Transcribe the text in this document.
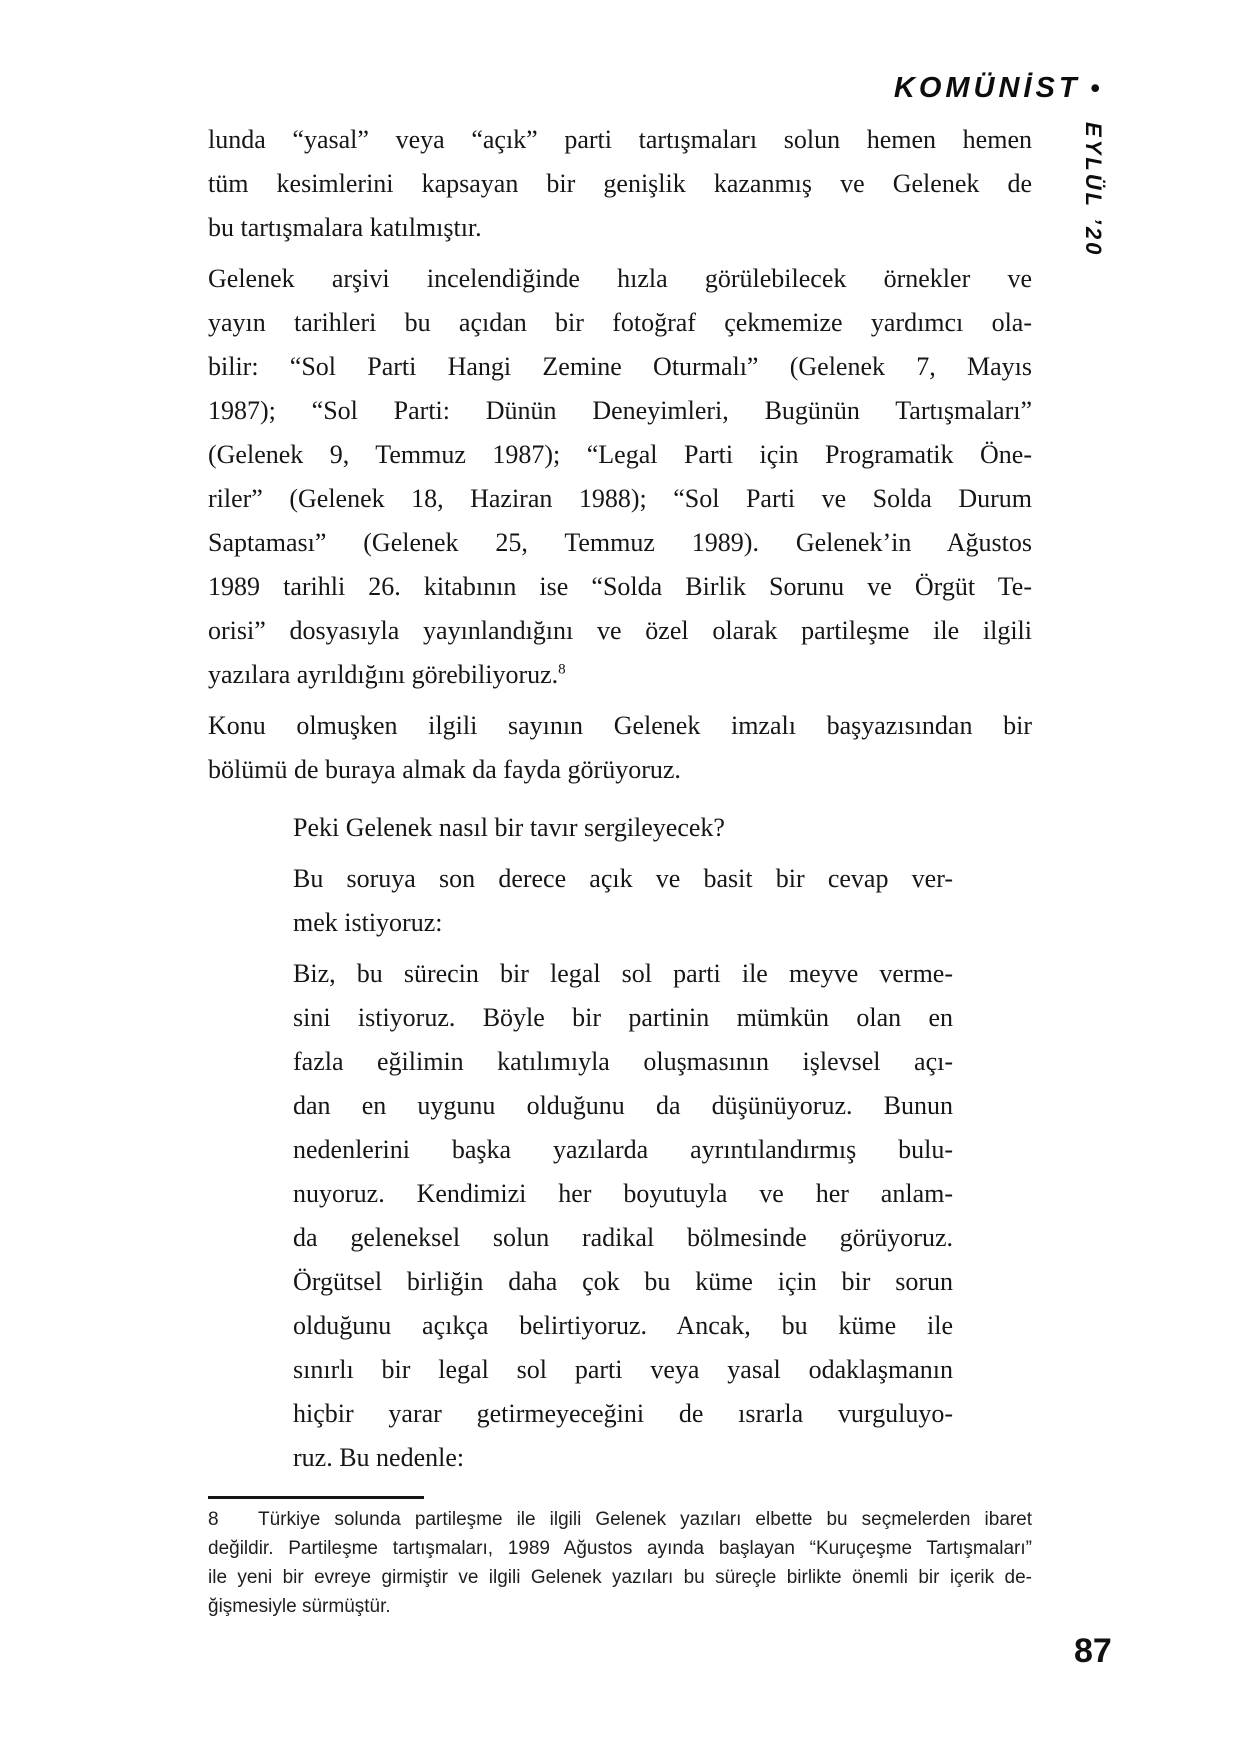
KOMÜNİST •
EYLÜL ’20
lunda “yasal” veya “açık” parti tartışmaları solun hemen hemen
tüm kesimlerini kapsayan bir genişlik kazanmış ve Gelenek de
bu tartışmalara katılmıştır.
Gelenek arşivi incelendiğinde hızla görülebilecek örnekler ve
yayın tarihleri bu açıdan bir fotoğraf çekmemize yardımcı ola-
bilir: “Sol Parti Hangi Zemine Oturmalı” (Gelenek 7, Mayıs
1987); “Sol Parti: Dünün Deneyimleri, Bugünün Tartışmaları”
(Gelenek 9, Temmuz 1987); “Legal Parti için Programatik Öne-
riler” (Gelenek 18, Haziran 1988); “Sol Parti ve Solda Durum
Saptaması” (Gelenek 25, Temmuz 1989). Gelenek’in Ağustos
1989 tarihli 26. kitabının ise “Solda Birlik Sorunu ve Örgüt Te-
orisi” dosyasıyla yayınlandığını ve özel olarak partileşme ile ilgili
yazılara ayrıldığını görebiliyoruz.$^8$
Konu olmuşken ilgili sayının Gelenek imzalı başyazısından bir
bölümü de buraya almak da fayda görüyoruz.
Peki Gelenek nasıl bir tavır sergileyecek?
Bu soruya son derece açık ve basit bir cevap ver-
mek istiyoruz:
Biz, bu sürecin bir legal sol parti ile meyve verme-
sini istiyoruz. Böyle bir partinin mümkün olan en
fazla eğilimin katılımıyla oluşmasının işlevsel açı-
dan en uygunu olduğunu da düşünüyoruz. Bunun
nedenlerini başka yazılarda ayrıntılandırmış bulu-
nuyoruz. Kendimizi her boyutuyla ve her anlam-
da geleneksel solun radikal bölmesinde görüyoruz.
Örgütsel birliğin daha çok bu küme için bir sorun
olduğunu açıkça belirtiyoruz. Ancak, bu küme ile
sınırlı bir legal sol parti veya yasal odaklaşmanın
hiçbir yarar getirmeyeceğini de ısrarla vurguluyo-
ruz. Bu nedenle:
8 Türkiye solunda partileşme ile ilgili Gelenek yazıları elbette bu seçmelerden ibaret
değildir. Partileşme tartışmaları, 1989 Ağustos ayında başlayan “Kuruçeşme Tartışmaları”
ile yeni bir evreye girmiştir ve ilgili Gelenek yazıları bu süreçle birlikte önemli bir içerik de-
ğişmesiyle sürmüştür.
87
